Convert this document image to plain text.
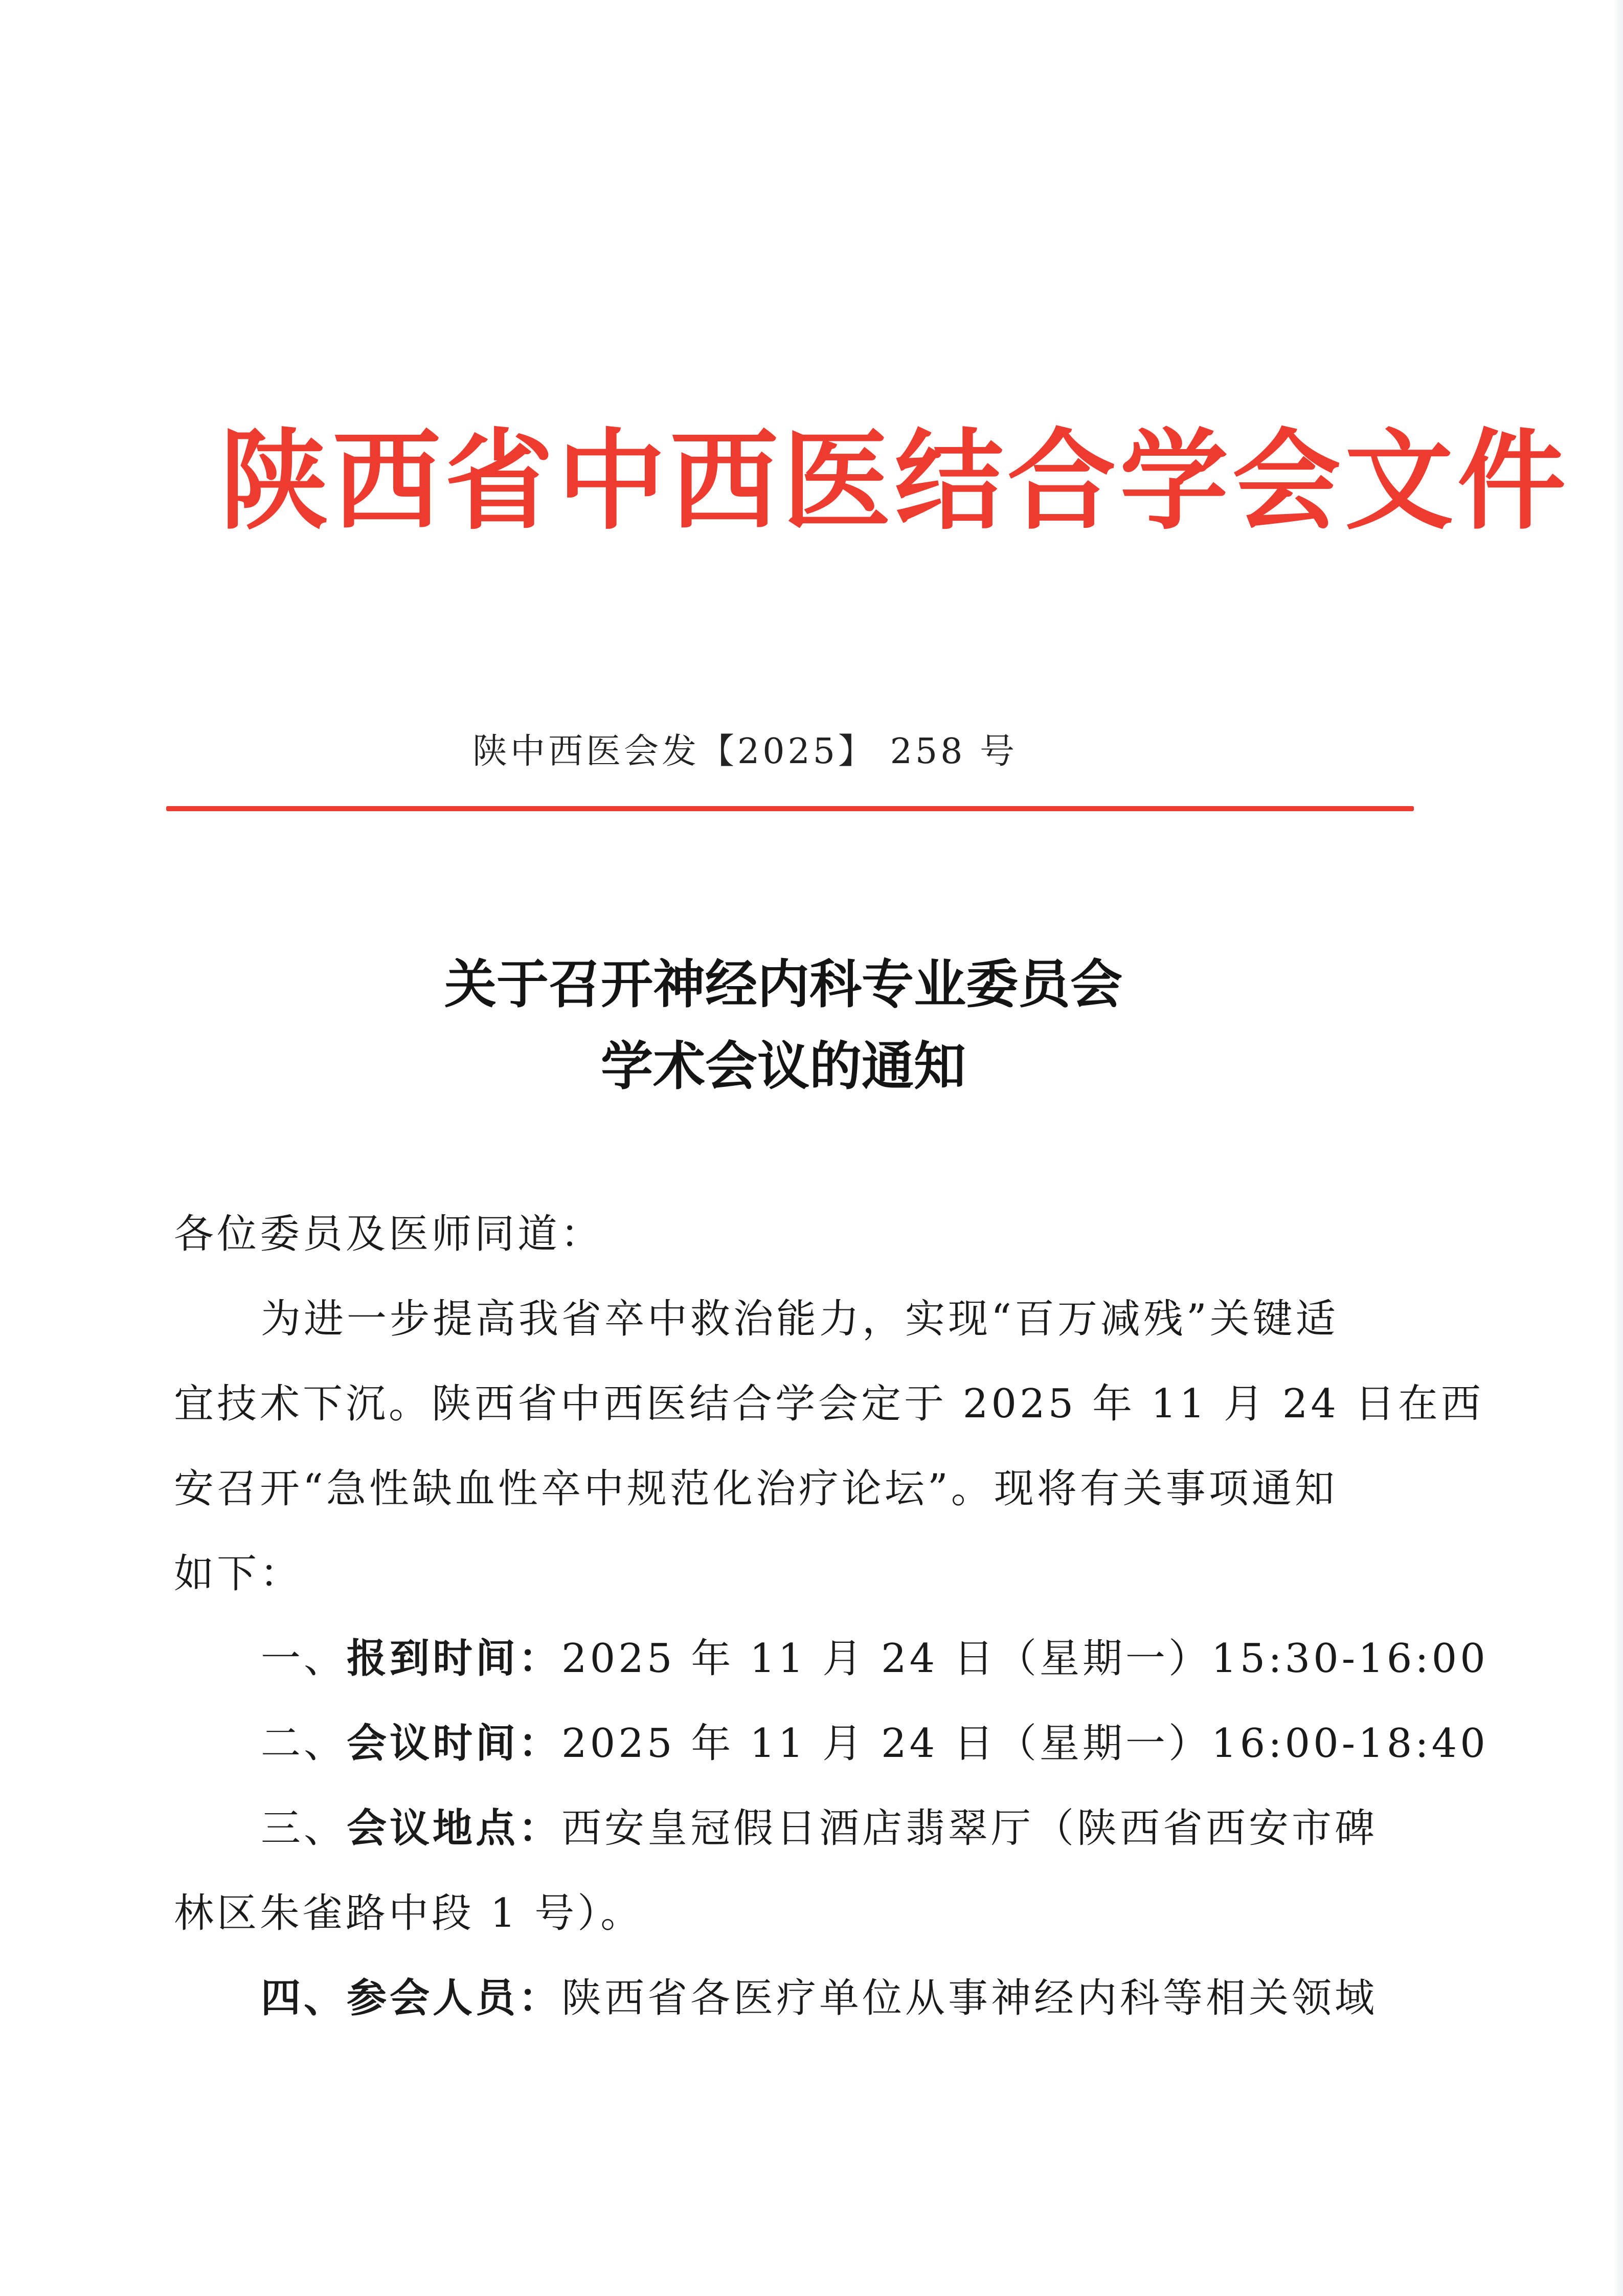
陕西省中西医结合学会文件
陕中西医会发【2025】 258 号
关于召开神经内科专业委员会
学术会议的通知

各位委员及医师同道：

为进一步提高我省卒中救治能力，实现“百万减残”关键适

宜技术下沉。陕西省中西医结合学会定于 2025 年 11 月 24 日在西

安召开“急性缺血性卒中规范化治疗论坛”。现将有关事项通知

如下：

一、报到时间：2025 年 11 月 24 日（星期一）15:30-16:00

二、会议时间：2025 年 11 月 24 日（星期一）16:00-18:40

三、会议地点：西安皇冠假日酒店翡翠厅（陕西省西安市碑

林区朱雀路中段 1 号）。

四、参会人员：陕西省各医疗单位从事神经内科等相关领域
